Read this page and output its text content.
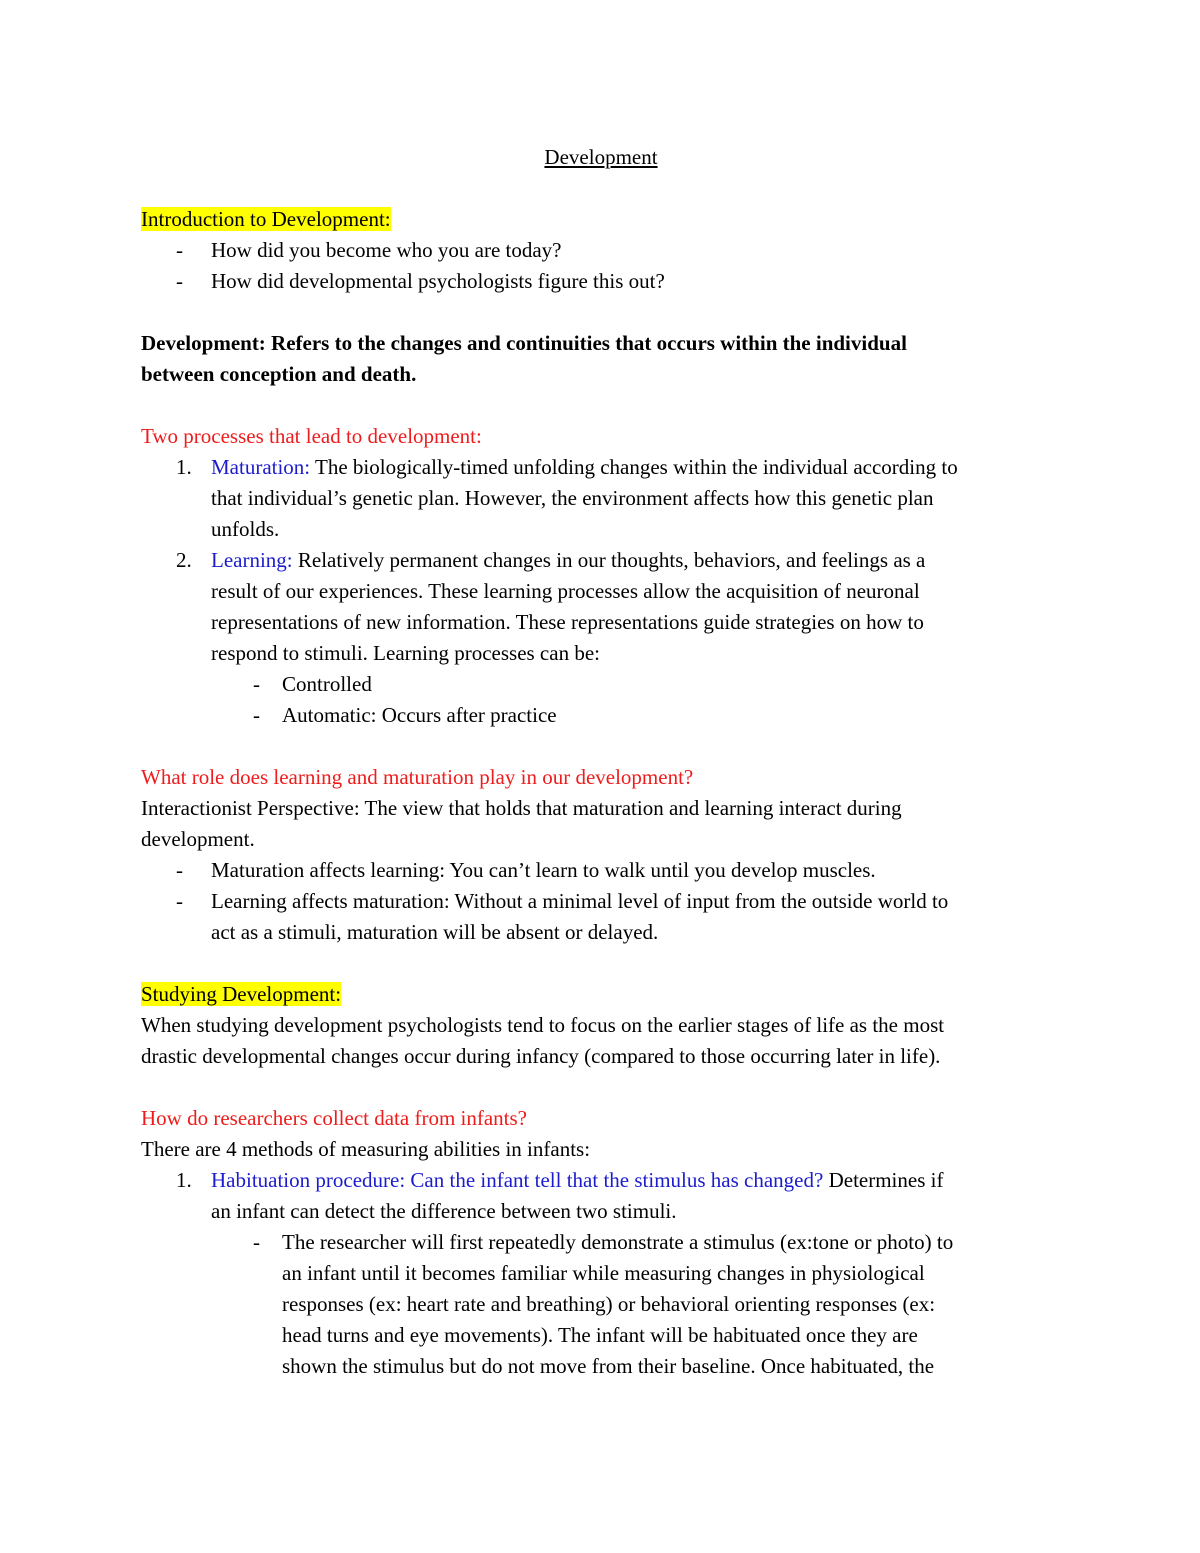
Development
Introduction to Development:
- How did you become who you are today?
- How did developmental psychologists figure this out?
Development: Refers to the changes and continuities that occurs within the individual
between conception and death.
Two processes that lead to development:
1. Maturation: The biologically-timed unfolding changes within the individual according to
that individual’s genetic plan. However, the environment affects how this genetic plan
unfolds.
2. Learning: Relatively permanent changes in our thoughts, behaviors, and feelings as a
result of our experiences. These learning processes allow the acquisition of neuronal
representations of new information. These representations guide strategies on how to
respond to stimuli. Learning processes can be:
- Controlled
- Automatic: Occurs after practice
What role does learning and maturation play in our development?
Interactionist Perspective: The view that holds that maturation and learning interact during
development.
- Maturation affects learning: You can’t learn to walk until you develop muscles.
- Learning affects maturation: Without a minimal level of input from the outside world to
act as a stimuli, maturation will be absent or delayed.
Studying Development:
When studying development psychologists tend to focus on the earlier stages of life as the most
drastic developmental changes occur during infancy (compared to those occurring later in life).
How do researchers collect data from infants?
There are 4 methods of measuring abilities in infants:
1. Habituation procedure: Can the infant tell that the stimulus has changed? Determines if
an infant can detect the difference between two stimuli.
- The researcher will first repeatedly demonstrate a stimulus (ex:tone or photo) to
an infant until it becomes familiar while measuring changes in physiological
responses (ex: heart rate and breathing) or behavioral orienting responses (ex:
head turns and eye movements). The infant will be habituated once they are
shown the stimulus but do not move from their baseline. Once habituated, the
